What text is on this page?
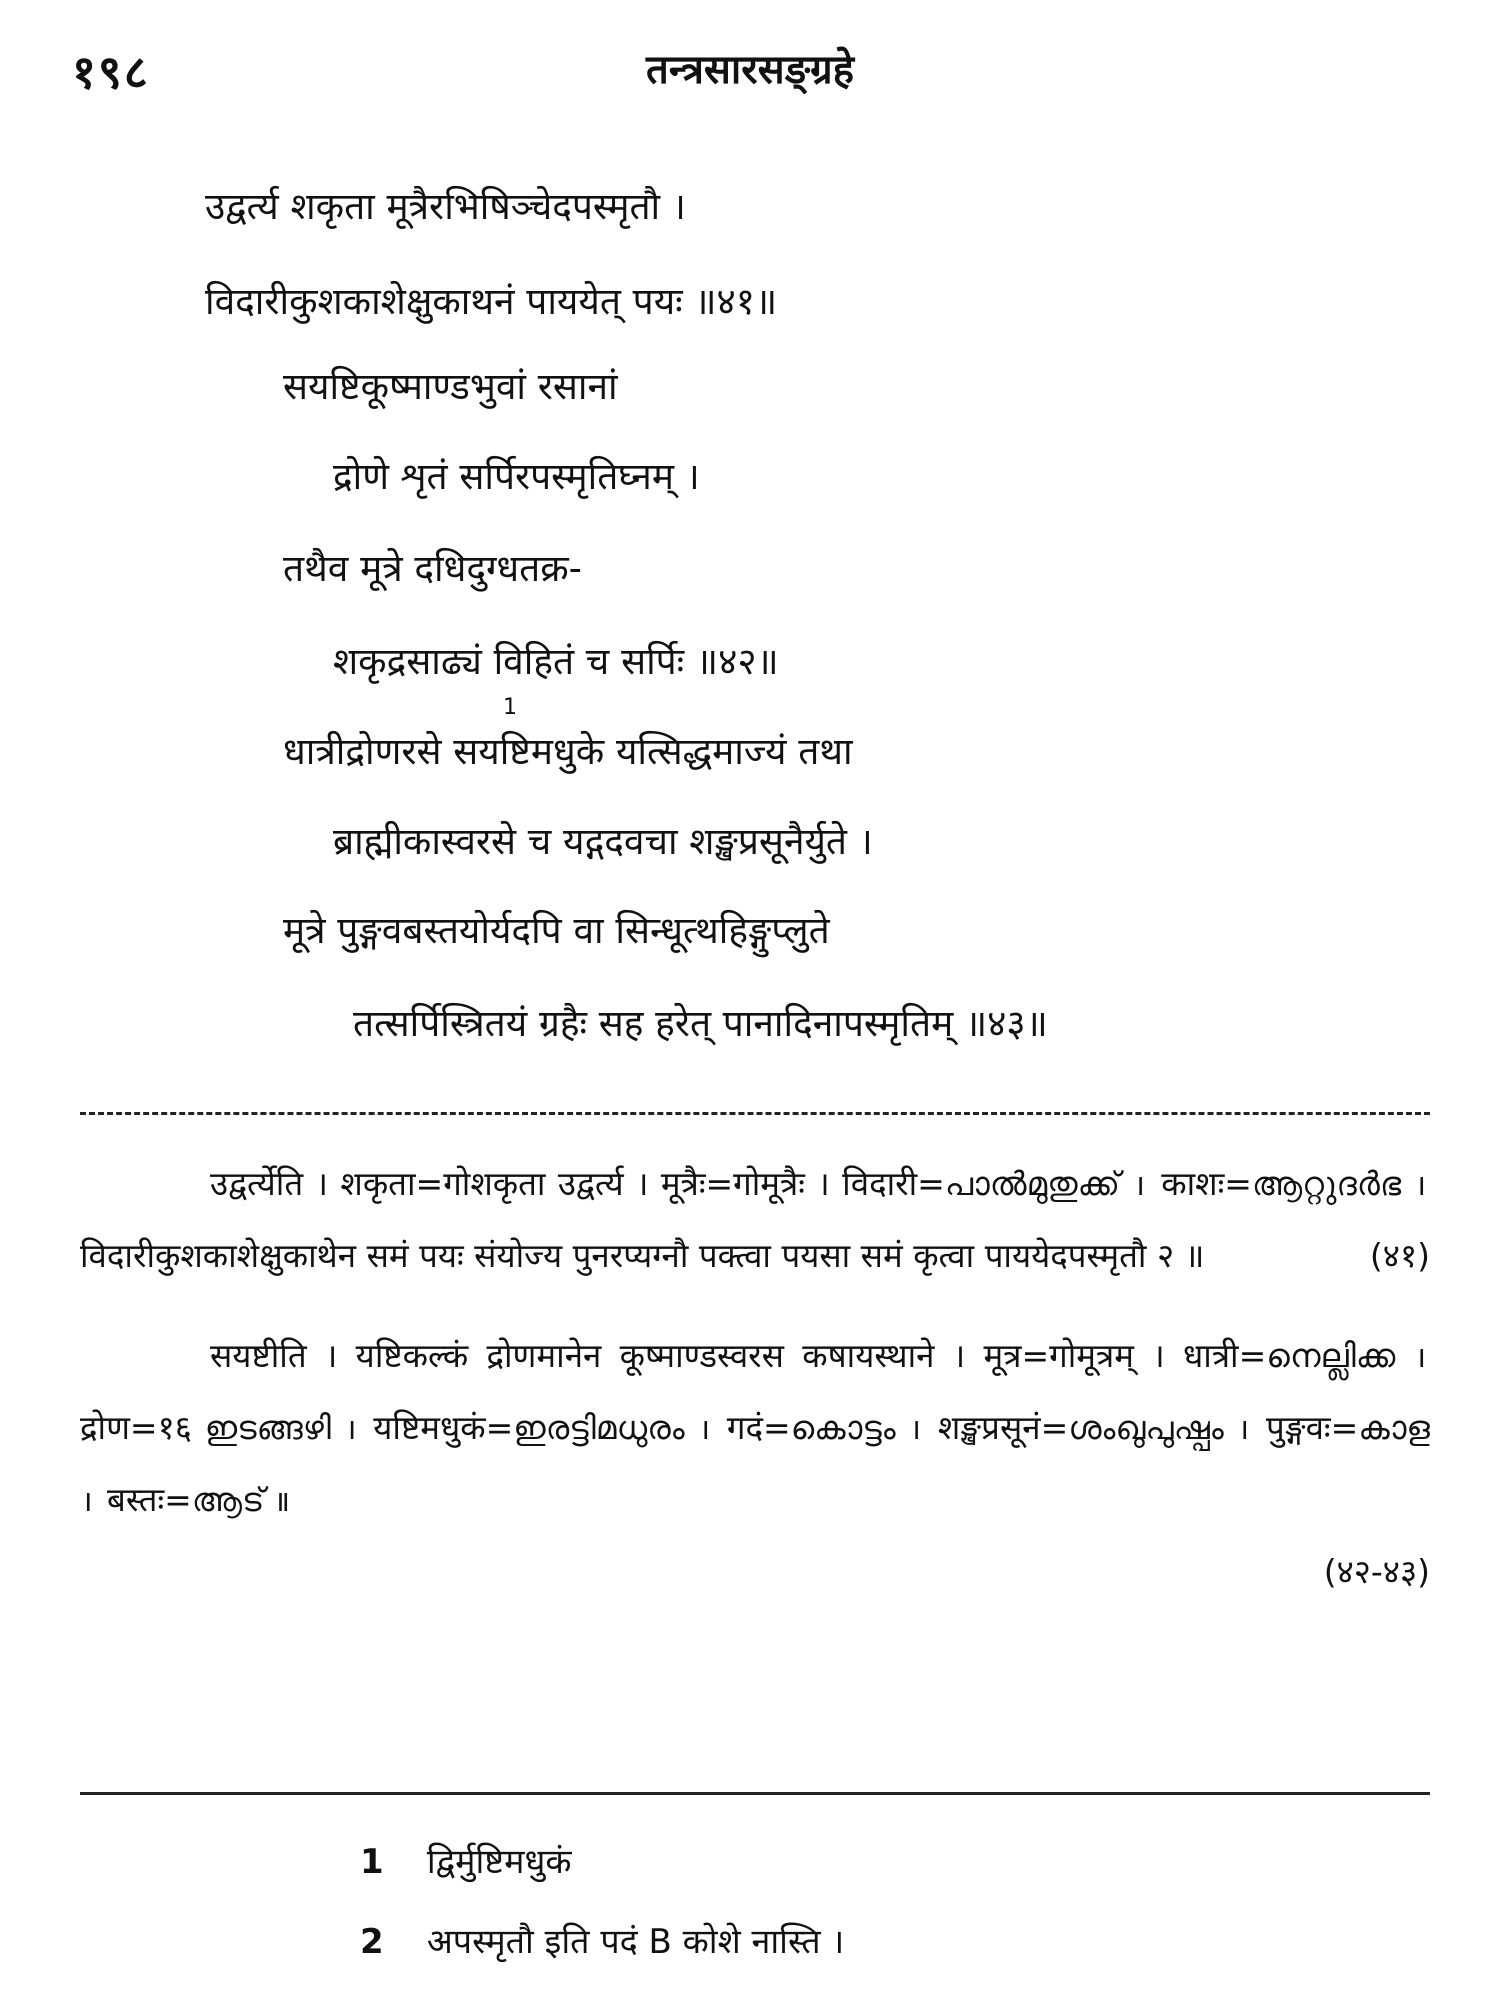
१९८	तन्त्रसारसङ्ग्रहे
उद्वर्त्य शकृता मूत्रैरभिषिञ्चेदपस्मृतौ ।
विदारीकुशकाशेक्षुकाथनं पाययेत् पयः ॥४१॥
सयष्टिकूष्माण्डभुवां रसानां
द्रोणे शृतं सर्पिरपस्मृतिघ्नम् ।
तथैव मूत्रे दधिदुग्धतक्र-
शकृद्रसाढ्यं विहितं च सर्पिः ॥४२॥
1
धात्रीद्रोणरसे सयष्टिमधुके यत्सिद्धमाज्यं तथा
ब्राह्मीकास्वरसे च यद्गदवचा शङ्खप्रसूनैर्युते ।
मूत्रे पुङ्गवबस्तयोर्यदपि वा सिन्धूत्थहिङ्गुप्लुते
तत्सर्पिस्त्रितयं ग्रहैः सह हरेत् पानादिनापस्मृतिम् ॥४३॥

उद्वर्त्येति । शकृता=गोशकृता उद्वर्त्य । मूत्रैः=गोमूत्रैः । विदारी=പാൽമുതുക്ക് । काशः=ആറ്റുദർഭ । विदारीकुशकाशेक्षुकाथेन समं पयः संयोज्य पुनरप्यग्नौ पक्त्वा पयसा समं कृत्वा पाययेदपस्मृतौ २ ॥	(४१)

सयष्टीति । यष्टिकल्कं द्रोणमानेन कूष्माण्डस्वरस कषायस्थाने । मूत्र=गोमूत्रम् । धात्री=നെല്ലിക്ക । द्रोण=१६ ഇടങ്ങഴി । यष्टिमधुकं=ഇരട്ടിമധുരം । गदं=കൊട്ടം । शङ्खप्रसूनं=ശംഖുപുഷ്പം । पुङ्गवः=കാള । बस्तः=ആട് ॥

(४२-४३)
1 द्विर्मुष्टिमधुकं
2 अपस्मृतौ इति पदं B कोशे नास्ति ।
